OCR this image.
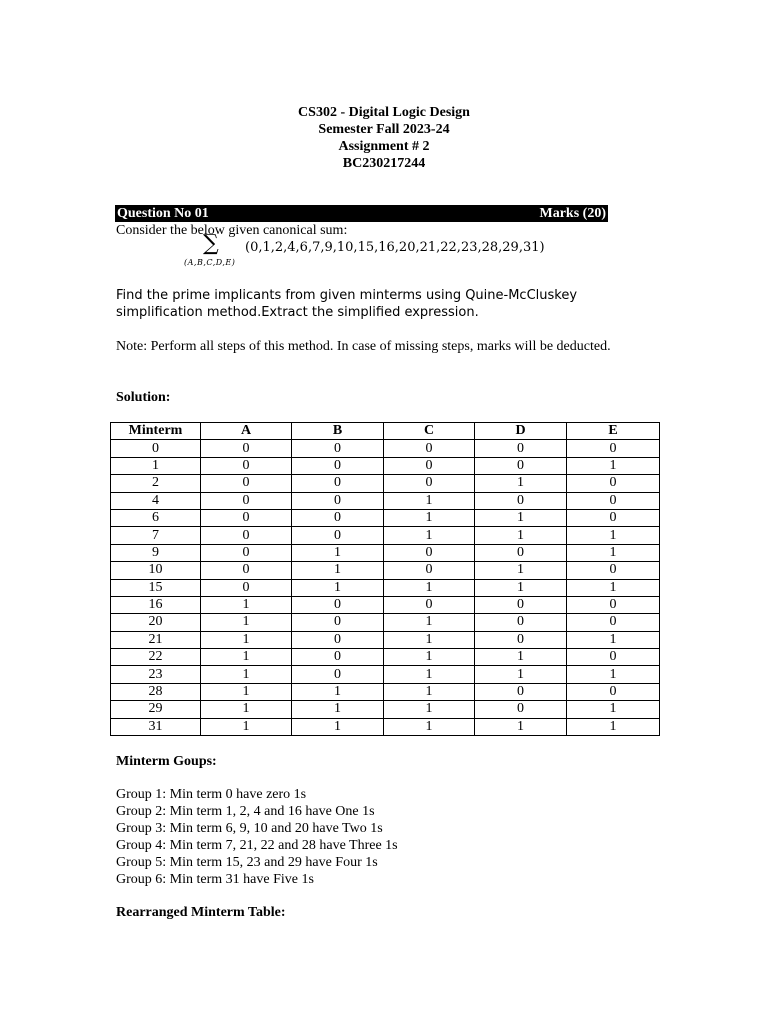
CS302 - Digital Logic Design
Semester Fall 2023-24
Assignment # 2
BC230217244
Question No 01	Marks (20)
Consider the below given canonical sum:
∑
(A,B,C,D,E)
(0,1,2,4,6,7,9,10,15,16,20,21,22,23,28,29,31)
Find the prime implicants from given minterms using Quine-McCluskey simplification method.Extract the simplified expression.
Note: Perform all steps of this method. In case of missing steps, marks will be deducted.
Solution:
Minterm	A	B	C	D	E
0	0	0	0	0	0
1	0	0	0	0	1
2	0	0	0	1	0
4	0	0	1	0	0
6	0	0	1	1	0
7	0	0	1	1	1
9	0	1	0	0	1
10	0	1	0	1	0
15	0	1	1	1	1
16	1	0	0	0	0
20	1	0	1	0	0
21	1	0	1	0	1
22	1	0	1	1	0
23	1	0	1	1	1
28	1	1	1	0	0
29	1	1	1	0	1
31	1	1	1	1	1
Minterm Goups:
Group 1: Min term 0 have zero 1s
Group 2: Min term 1, 2, 4 and 16 have One 1s
Group 3: Min term 6, 9, 10 and 20 have Two 1s
Group 4: Min term 7, 21, 22 and 28 have Three 1s
Group 5: Min term 15, 23 and 29 have Four 1s
Group 6: Min term 31 have Five 1s
Rearranged Minterm Table:
